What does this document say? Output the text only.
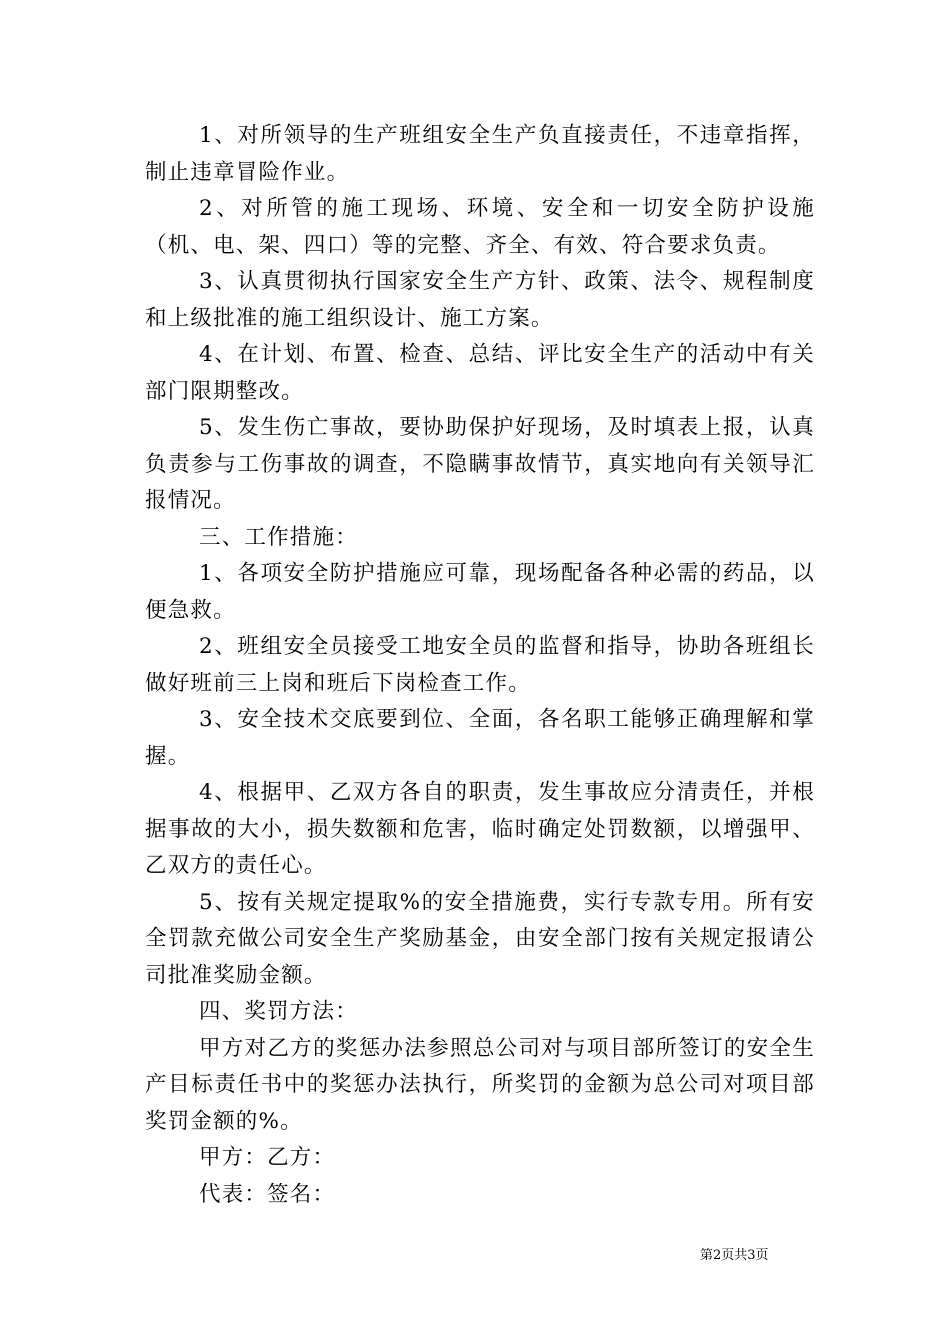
1、对所领导的生产班组安全生产负直接责任，不违章指挥，制止违章冒险作业。

2、对所管的施工现场、环境、安全和一切安全防护设施（机、电、架、四口）等的完整、齐全、有效、符合要求负责。

3、认真贯彻执行国家安全生产方针、政策、法令、规程制度和上级批准的施工组织设计、施工方案。

4、在计划、布置、检查、总结、评比安全生产的活动中有关部门限期整改。

5、发生伤亡事故，要协助保护好现场，及时填表上报，认真负责参与工伤事故的调查，不隐瞒事故情节，真实地向有关领导汇报情况。

三、工作措施：

1、各项安全防护措施应可靠，现场配备各种必需的药品，以便急救。

2、班组安全员接受工地安全员的监督和指导，协助各班组长做好班前三上岗和班后下岗检查工作。

3、安全技术交底要到位、全面，各名职工能够正确理解和掌握。

4、根据甲、乙双方各自的职责，发生事故应分清责任，并根据事故的大小，损失数额和危害，临时确定处罚数额，以增强甲、乙双方的责任心。

5、按有关规定提取%的安全措施费，实行专款专用。所有安全罚款充做公司安全生产奖励基金，由安全部门按有关规定报请公司批准奖励金额。

四、奖罚方法：

甲方对乙方的奖惩办法参照总公司对与项目部所签订的安全生产目标责任书中的奖惩办法执行，所奖罚的金额为总公司对项目部奖罚金额的%。

甲方：乙方：

代表：签名：

第2页共3页
